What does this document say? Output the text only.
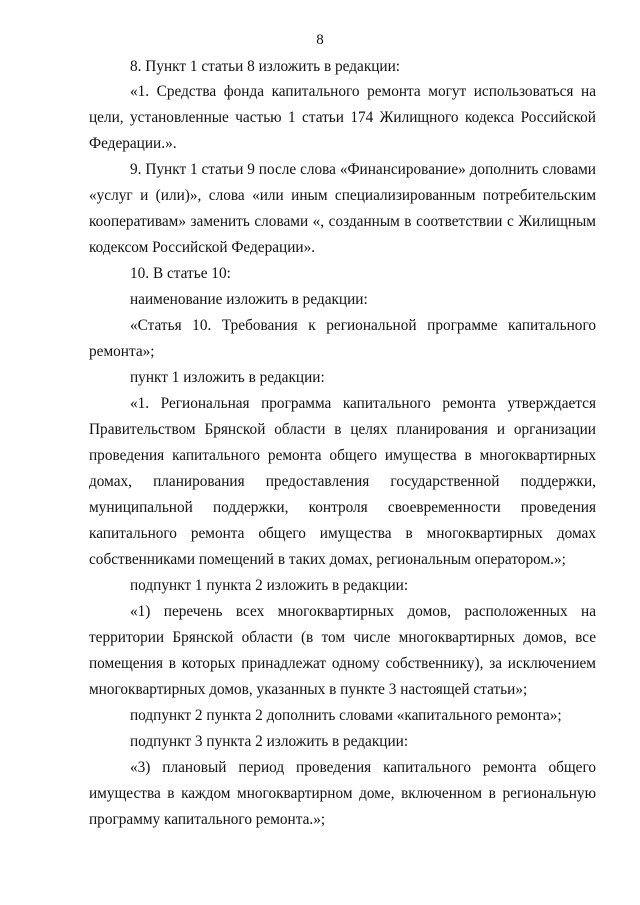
8
8. Пункт 1 статьи 8 изложить в редакции:
«1. Средства фонда капитального ремонта могут использоваться на
цели, установленные частью 1 статьи 174 Жилищного кодекса Российской
Федерации.».
9. Пункт 1 статьи 9 после слова «Финансирование» дополнить словами
«услуг и (или)», слова «или иным специализированным потребительским
кооперативам» заменить словами «, созданным в соответствии с Жилищным
кодексом Российской Федерации».
10. В статье 10:
наименование изложить в редакции:
«Статья 10. Требования к региональной программе капитального
ремонта»;
пункт 1 изложить в редакции:
«1. Региональная программа капитального ремонта утверждается
Правительством Брянской области в целях планирования и организации
проведения капитального ремонта общего имущества в многоквартирных
домах, планирования предоставления государственной поддержки,
муниципальной поддержки, контроля своевременности проведения
капитального ремонта общего имущества в многоквартирных домах
собственниками помещений в таких домах, региональным оператором.»;
подпункт 1 пункта 2 изложить в редакции:
«1) перечень всех многоквартирных домов, расположенных на
территории Брянской области (в том числе многоквартирных домов, все
помещения в которых принадлежат одному собственнику), за исключением
многоквартирных домов, указанных в пункте 3 настоящей статьи»;
подпункт 2 пункта 2 дополнить словами «капитального ремонта»;
подпункт 3 пункта 2 изложить в редакции:
«3) плановый период проведения капитального ремонта общего
имущества в каждом многоквартирном доме, включенном в региональную
программу капитального ремонта.»;
